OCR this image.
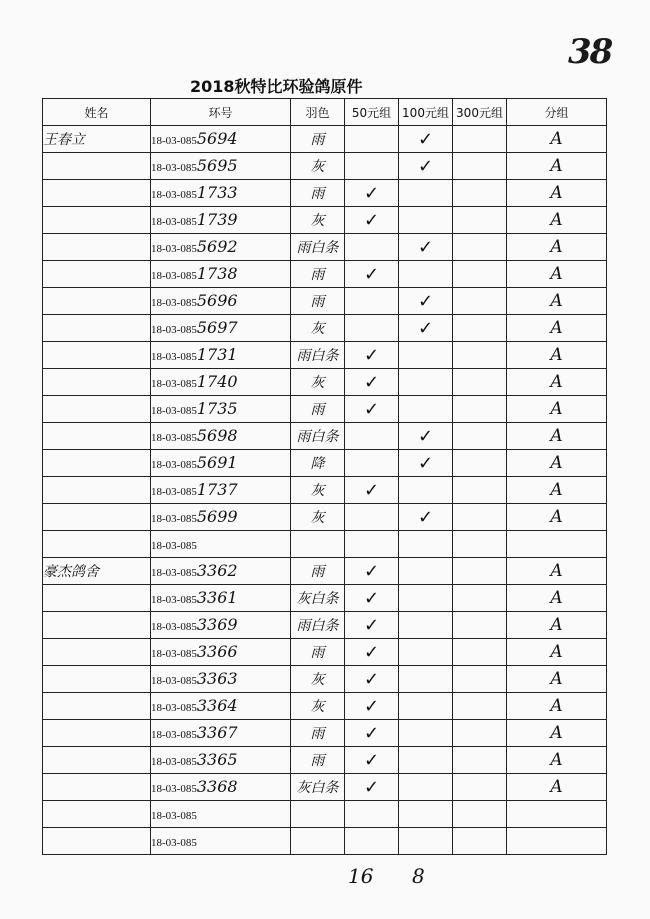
38
2018秋特比环验鸽原件
姓名	环号	羽色	50元组	100元组	300元组	分组
王春立	18-03-0855694	雨		✓		A
	18-03-0855695	灰		✓		A
	18-03-0851733	雨	✓			A
	18-03-0851739	灰	✓			A
	18-03-0855692	雨白条		✓		A
	18-03-0851738	雨	✓			A
	18-03-0855696	雨		✓		A
	18-03-0855697	灰		✓		A
	18-03-0851731	雨白条	✓			A
	18-03-0851740	灰	✓			A
	18-03-0851735	雨	✓			A
	18-03-0855698	雨白条		✓		A
	18-03-0855691	降		✓		A
	18-03-0851737	灰	✓			A
	18-03-0855699	灰		✓		A
	18-03-085					
豪杰鸽舍	18-03-0853362	雨	✓			A
	18-03-0853361	灰白条	✓			A
	18-03-0853369	雨白条	✓			A
	18-03-0853366	雨	✓			A
	18-03-0853363	灰	✓			A
	18-03-0853364	灰	✓			A
	18-03-0853367	雨	✓			A
	18-03-0853365	雨	✓			A
	18-03-0853368	灰白条	✓			A
	18-03-085					
	18-03-085					
16 8
